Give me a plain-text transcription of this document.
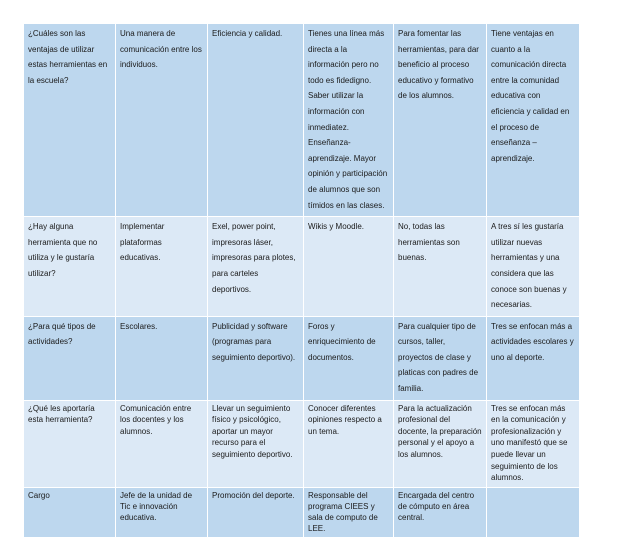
¿Cuáles son las ventajas de utilizar estas herramientas en la escuela?	Una manera de comunicación entre los individuos.	Eficiencia y calidad.	Tienes una línea más directa a la información pero no todo es fidedigno. Saber utilizar la información con inmediatez. Enseñanza-aprendizaje. Mayor opinión y participación de alumnos que son tímidos en las clases.	Para fomentar las herramientas, para dar beneficio al proceso educativo y formativo de los alumnos.	Tiene ventajas en cuanto a la comunicación directa entre la comunidad educativa con eficiencia y calidad en el proceso de enseñanza – aprendizaje.
¿Hay alguna herramienta que no utiliza y le gustaría utilizar?	Implementar plataformas educativas.	Exel, power point, impresoras láser, impresoras para plotes, para carteles deportivos.	Wikis y Moodle.	No, todas las herramientas son buenas.	A tres sí les gustaría utilizar nuevas herramientas y una considera que las conoce son buenas y necesarias.
¿Para qué tipos de actividades?	Escolares.	Publicidad y software (programas para seguimiento deportivo).	Foros y enriquecimiento de documentos.	Para cualquier tipo de cursos, taller, proyectos de clase y platicas con padres de familia.	Tres se enfocan más a actividades escolares y uno al deporte.
¿Qué les aportaría esta herramienta?	Comunicación entre los docentes y los alumnos.	Llevar un seguimiento físico y psicológico, aportar un mayor recurso para el seguimiento deportivo.	Conocer diferentes opiniones respecto a un tema.	Para la actualización profesional del docente, la preparación personal y el apoyo a los alumnos.	Tres se enfocan más en la comunicación y profesionalización y uno manifestó que se puede llevar un seguimiento de los alumnos.
Cargo	Jefe de la unidad de Tic e innovación educativa.	Promoción del deporte.	Responsable del programa CIEES y sala de computo de LEE.	Encargada del centro de cómputo en área central.	
